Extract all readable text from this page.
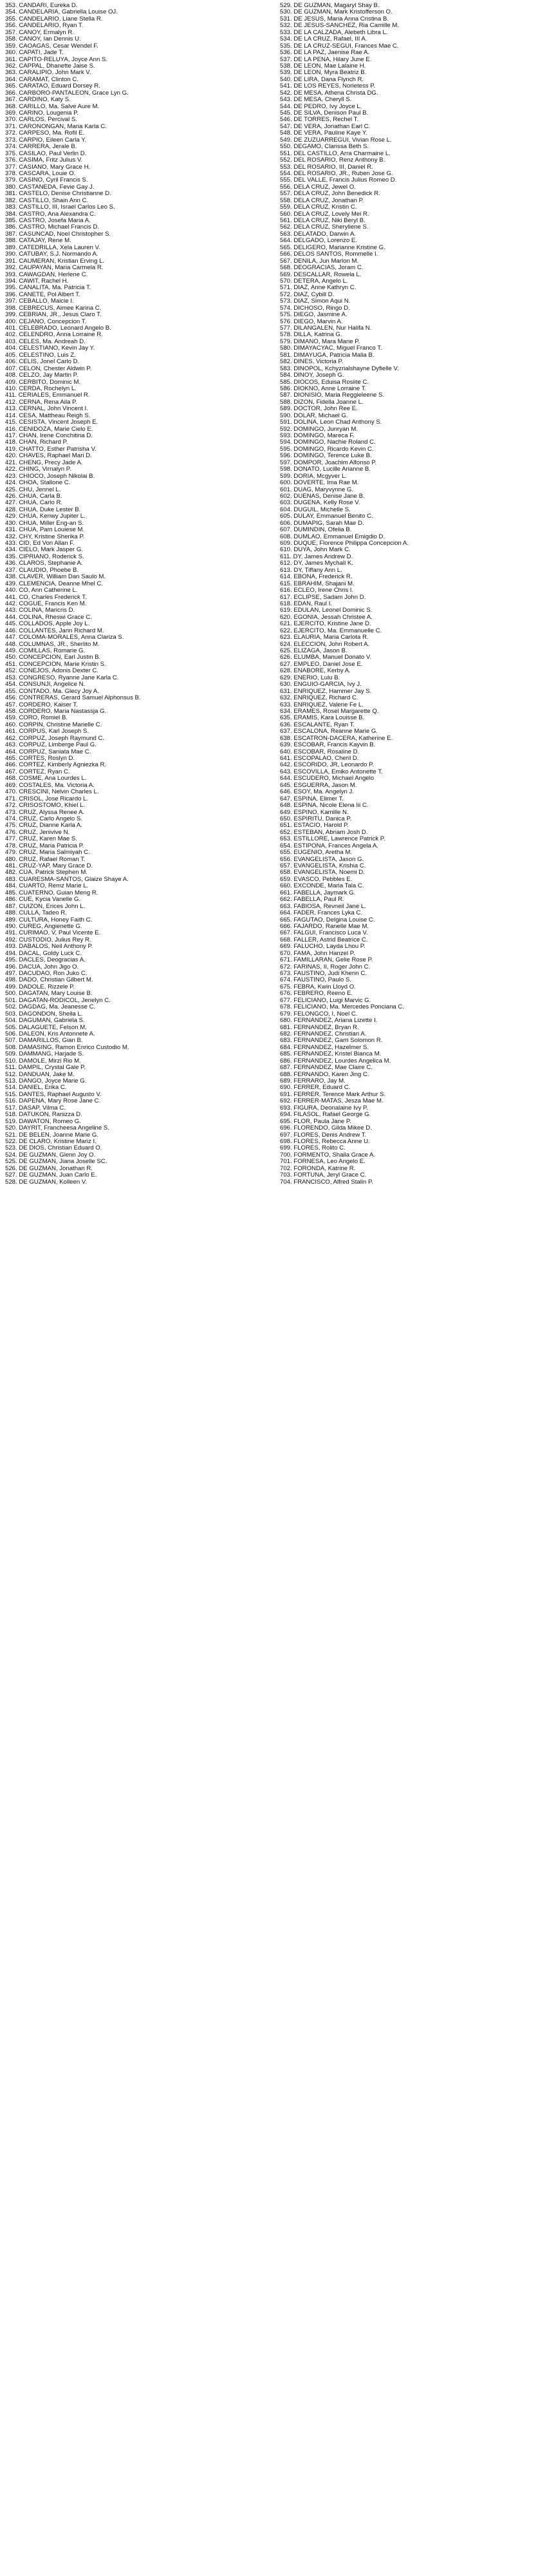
353. CANDARI, Eureka D.
354. CANDELARIA, Gabriella Louise OJ.
355. CANDELARIO, Liane Stella R.
356. CANDELARIO, Ryan T.
357. CANOY, Ermalyn R.
358. CANOY, Ian Dennis U.
359. CAOAGAS, Cesar Wendel F.
360. CAPATI, Jade T.
361. CAPITO-RELUYA, Joyce Ann S.
362. CAPPAL, Dhanette Jaise S.
363. CARALIPIO, John Mark V.
364. CARAMAT, Clinton C.
365. CARATAO, Eduard Dorsey R.
366. CARBORO-PANTALEON, Grace Lyn G.
367. CARDIÑO, Katy S.
368. CARILLO, Ma. Salve Aure M.
369. CARIÑO, Lougenia P.
370. CARLOS, Percival S.
371. CARONONGAN, Maria Karla C.
372. CARPESO, Ma. Rofil E.
373. CARPIO, Eileen Carla Y.
374. CARRERA, Jerale B.
375. CASILAO, Paul Verlin D.
376. CASIMA, Fritz Julius V.
377. CASIANO, Mary Grace H.
378. CASCARA, Louie O.
379. CASIÑO, Cyril Francis S.
380. CASTAÑEDA, Fevie Gay J.
381. CASTELO, Denise Christianne D.
382. CASTILLO, Shain Ann C.
383. CASTILLO, III, Israel Carlos Leo S.
384. CASTRO, Ana Alexandra C.
385. CASTRO, Josefa Maria A.
386. CASTRO, Michael Francis D.
387. CASUNCAD, Noel Christopher S.
388. CATAJAY, Rene M.
389. CATEDRILLA, Xela Lauren V.
390. CATUBAY, S.J. Normando A.
391. CAUMERAN, Kristian Erving L.
392. CAUPAYAN, Maria Carmela R.
393. CAWAGDAN, Herlene C.
394. CAWIT, Rachel H.
395. CAÑALITA, Ma. Patricia T.
396. CAÑETE, Pol Albert T.
397. CEBALLO, Maicie I.
398. CEBRECUS, Aimee Karina C.
399. CEBRIAN, JR., Jesus Claro T.
400. CEJANO, Concepcion T.
401. CELEBRADO, Leonard Angelo B.
402. CELENDRO, Anna Lorraine R.
403. CELES, Ma. Andreah D.
404. CELESTIANO, Kevin Jay Y.
405. CELESTINO, Luis Z.
406. CELIS, Jonel Carlo D.
407. CELON, Chester Aldwin P.
408. CELZO, Jay Martin P.
409. CERBITO, Dominic M.
410. CERDA, Rochelyn L.
411. CERIALES, Emmanuel R.
412. CERNA, Rena Aila P.
413. CERNAL, John Vincent I.
414. CESA, Mattheau Reigh S.
415. CESISTA, Vincent Joseph E.
416. CEÑIDOZA, Marie Cielo E.
417. CHAN, Irene Conchitina D.
418. CHAN, Richard P.
419. CHATTO, Esther Patrisha V.
420. CHAVES, Raphael Mari D.
421. CHENG, Precy Jade A.
422. CHING, Virnalyn P.
423. CHIOCO, Joseph Nikolai B.
424. CHOA, Stallone C.
425. CHU, Jennel L.
426. CHUA, Carla B.
427. CHUA, Carlo R.
428. CHUA, Duke Lester B.
429. CHUA, Kenwy Jupiter L.
430. CHUA, Miller Eng-an S.
431. CHUA, Pam Louiese M.
432. CHY, Kristine Sherika P.
433. CID, Ed Von Allan F.
434. CIELO, Mark Jasper G.
435. CIPRIANO, Roderick S.
436. CLAROS, Stephanie A.
437. CLAUDIO, Phoebe B.
438. CLAVER, William Dan Saulo M.
439. CLEMENCIA, Deanne Mhel C.
440. CO, Ann Catherine L.
441. CO, Charles Frederick T.
442. COGUE, Francis Ken M.
443. COLINA, Maricris D.
444. COLINA, Rheswi Grace C.
445. COLLADOS, Apple Joy L.
446. COLLANTES, Jann Richard M.
447. COLOMA-MORALES, Anna Clariza S.
448. COLUMNAS, JR., Sherlito M.
449. COMILLAS, Romarie G.
450. CONCEPCION, Earl Justin B.
451. CONCEPCION, Marie Kristin S.
452. CONEJOS, Adonis Dexter C.
453. CONGRESO, Ryanne Jane Karla C.
454. CONSUNJI, Angelice N.
455. CONTADO, Ma. Glecy Joy A.
456. CONTRERAS, Gerard Samuel Alphonsus B.
457. CORDERO, Kaiser T.
458. CORDERO, Maria Nastassja G.
459. CORO, Romiel B.
460. CORPIN, Christine Marielle C.
461. CORPUS, Karl Joseph S.
462. CORPUZ, Joseph Raymund C.
463. CORPUZ, Limberge Paul G.
464. CORPUZ, Saniata Mae C.
465. CORTES, Roslyn D.
466. CORTEZ, Kimberly Agniezka R.
467. CORTEZ, Ryan C.
468. COSME, Ana Lourdes L.
469. COSTALES, Ma. Victoria A.
470. CRESCINI, Nelvin Charles L.
471. CRISOL, Jose Ricardo L.
472. CRISOSTOMO, Khiel L.
473. CRUZ, Alyssa Renee A.
474. CRUZ, Carlo Angelo S.
475. CRUZ, Dianne Karla A.
476. CRUZ, Jenivive N.
477. CRUZ, Karen Mae S.
478. CRUZ, Maria Patricia P.
479. CRUZ, Maria Salmiyah C.
480. CRUZ, Rafael Roman T.
481. CRUZ-YAP, Mary Grace D.
482. CUA, Patrick Stephen M.
483. CUARESMA-SANTOS, Glaize Shaye A.
484. CUARTO, Remz Marie L.
485. CUATERNO, Guian Meng R.
486. CUE, Kycia Vanelle G.
487. CUIZON, Erices John L.
488. CULLA, Tadeo R.
489. CULTURA, Honey Faith C.
490. CUREG, Angienette G.
491. CURIMAO, V, Paul Vicente E.
492. CUSTODIO, Julius Rey R.
493. DABALOS, Neil Anthony P.
494. DACAL, Goldy Luck C.
495. DACLES, Deogracias A.
496. DACUA, John Jigo O.
497. DACUDAO, Ron Juko C.
498. DADO, Christian Gilbert M.
499. DADOLE, Rizzele P.
500. DAGATAN, Mary Louise B.
501. DAGATAN-RODICOL, Jenelyn C.
502. DAGDAG, Ma. Jeanesse C.
503. DAGONDON, Sheila L.
504. DAGUMAN, Gabriela S.
505. DALAGUETE, Felson M.
506. DALEON, Kris Antonnete A.
507. DAMARILLOS, Gian B.
508. DAMASING, Ramon Enrico Custodio M.
509. DAMMANG, Harjade S.
510. DAMOLE, Mirzi Rio M.
511. DAMPIL, Crystal Gale P.
512. DANDUAN, Jake M.
513. DANGO, Joyce Marie G.
514. DANIEL, Erika C.
515. DANTES, Raphael Augusto V.
516. DAPENA, Mary Rose Jane C.
517. DASAP, Vilma C.
518. DATUKON, Ranizza D.
519. DAWATON, Romeo G.
520. DAYRIT, Francheesa Angeline S.
521. DE BELEN, Joanne Marie G.
522. DE CLARO, Kristine Mariz I.
523. DE DIOS, Christian Eduard O.
524. DE GUZMAN, Glenn Joy O.
525. DE GUZMAN, Jiana Joselle SC.
526. DE GUZMAN, Jonathan R.
527. DE GUZMAN, Juan Carlo E.
528. DE GUZMAN, Kolleen V.
529. DE GUZMAN, Magaryl Shay B.
530. DE GUZMAN, Mark Kristofferson O.
531. DE JESUS, Maria Anna Cristina B.
532. DE JESUS-SANCHEZ, Ria Camille M.
533. DE LA CALZADA, Alebeth Libra L.
534. DE LA CRUZ, Rafael, III A.
535. DE LA CRUZ-SEGUI, Frances Mae C.
536. DE LA PAZ, Jaenise Rae A.
537. DE LA PEÑA, Hilary June E.
538. DE LEON, Mae Lalaine H.
539. DE LEON, Myra Beatriz B.
540. DE LIRA, Dana Flynch R.
541. DE LOS REYES, Norietess P.
542. DE MESA, Athena Christa DG.
543. DE MESA, Cheryll S.
544. DE PEDRO, Ivy Joyce L.
545. DE SILVA, Denison Paul B.
546. DE TORRES, Rechel T.
547. DE VERA, Jonathan Earl C.
548. DE VERA, Pauline Kaye Y.
549. DE ZUZUARREGUI, Vivian Rose L.
550. DEGAMO, Clarissa Beth S.
551. DEL CASTILLO, Arra Charmaine L.
552. DEL ROSARIO, Renz Anthony B.
553. DEL ROSARIO, III, Daniel R.
554. DEL ROSARIO, JR., Ruben Jose G.
555. DEL VALLE, Francis Julius Romeo D.
556. DELA CRUZ, Jewel O.
557. DELA CRUZ, John Benedick R.
558. DELA CRUZ, Jonathan P.
559. DELA CRUZ, Kristin C.
560. DELA CRUZ, Lovely Mei R.
561. DELA CRUZ, Niki Beryl B.
562. DELA CRUZ, Sheryliene S.
563. DELATADO, Darwin A.
564. DELGADO, Lorenzo E.
565. DELIGERO, Marianne Kristine G.
566. DELOS SANTOS, Rommelle I.
567. DENILA, Jun Marlon M.
568. DEOGRACIAS, Joram C.
569. DESCALLAR, Rowela L.
570. DETERA, Angelo L.
571. DIAZ, Anne Kathryn C.
572. DIAZ, Cybill D.
573. DIAZ, Simon Aqui N.
574. DICHOSO, Ringo D.
575. DIEGO, Jasmine A.
576. DIEGO, Marvin A.
577. DILANGALEN, Nur Halifa N.
578. DILLA, Katrina G.
579. DIMANO, Mara Marie P.
580. DIMAYACYAC, Miguel Franco T.
581. DIMAYUGA, Patricia Malia B.
582. DINES, Victoria P.
583. DINOPOL, Kchyzrialshayne Dyfielle V.
584. DINOY, Joseph G.
585. DIOCOS, Eduisa Rosiite C.
586. DIOKNO, Anne Lorraine T.
587. DIONISIO, Maria Reggieleene S.
588. DIZON, Fidella Joanne L.
589. DOCTOR, John Ree E.
590. DOLAR, Michael G.
591. DOLINA, Leon Chad Anthony S.
592. DOMINGO, Junryan M.
593. DOMINGO, Mareca F.
594. DOMINGO, Nachie Roland C.
595. DOMINGO, Ricardo Kevin C.
596. DOMINGO, Terence Luke B.
597. DOMPOR, Joachim Alfonso P.
598. DONATO, Lucille Arianne B.
599. DORIA, Mcgyver L.
600. DOVERTE, Ima Rae M.
601. DUAG, Maryvynne G.
602. DUEÑAS, Denise Jane B.
603. DUGEÑA, Kelly Rose V.
604. DUGUIL, Michelle S.
605. DULAY, Emmanuel Benito C.
606. DUMAPIG, Sarah Mae D.
607. DUMINDIN, Ofelia B.
608. DUMLAO, Emmanuel Emigdio D.
609. DUQUE, Florence Philippa Concepcion A.
610. DUYA, John Mark C.
611. DY, James Andrew D.
612. DY, James Mychall K.
613. DY, Tiffany Ann L.
614. EBOÑA, Frederick R.
615. EBRAHIM, Shajani M.
616. ECLEO, Irene Chris I.
617. ECLIPSE, Sadam John D.
618. EDAN, Raul I.
619. EDULAN, Leonel Dominic S.
620. EGONIA, Jessah Christee A.
621. EJERCITO, Kristine Jane D.
622. EJERCITO, Ma. Emmanuelle C.
623. ELAURIA, Maria Carlota R.
624. ELECCION, John Robert A.
625. ELIZAGA, Jason B.
626. ELUMBA, Manuel Donato V.
627. EMPLEO, Daniel Jose E.
628. ENABORE, Kerby A.
629. ENERIO, Lulu B.
630. ENGUIO-GARCIA, Ivy J.
631. ENRIQUEZ, Hammer Jay S.
632. ENRIQUEZ, Richard C.
633. ENRIQUEZ, Valerie Fe L.
634. ERAMES, Rosel Margarette Q.
635. ERAMIS, Kara Louisse B.
636. ESCALANTE, Ryan T.
637. ESCALONA, Reanne Marie G.
638. ESCATRON-DACERA, Katherine E.
639. ESCOBAR, Francis Kayvin B.
640. ESCOBAR, Rosaline D.
641. ESCOPALAO, Cheril D.
642. ESCORIDO, JR, Leonardo P.
643. ESCOVILLA, Emiko Antonette T.
644. ESCUDERO, Michael Angelo
645. ESGUERRA, Jason M.
646. ESOY, Ma. Angelyn J.
647. ESPINA, Elimer T.
648. ESPINA, Nicole Elena Iii C.
649. ESPINO, Kamille N.
650. ESPIRITU, Danica P.
651. ESTACIO, Harold P.
652. ESTEBAN, Abriam Josh D.
653. ESTILLORE, Lawrence Patrick P.
654. ESTIPONA, Frances Angela A.
655. EUGENIO, Aretha M.
656. EVANGELISTA, Jason G.
657. EVANGELISTA, Krishia C.
658. EVANGELISTA, Noemi D.
659. EVASCO, Pebbles E.
660. EXCONDE, Maria Tala C.
661. FABELLA, Jaymark G.
662. FABELLA, Paul R.
663. FABIOSA, Revneil Jane L.
664. FADER, Frances Lyka C.
665. FAGUTAO, Delgina Louise C.
666. FAJARDO, Ranelle Mae M.
667. FALGUI, Francisco Luca V.
668. FALLER, Astrid Beatrice C.
669. FALUCHO, Layda Lhou P.
670. FAMA, John Hanzel P.
671. FAMILLARAN, Gelie Rose P.
672. FARIÑAS, II, Roger John C.
673. FAUSTINO, Judi Khenn C.
674. FAUSTINO, Paulo S.
675. FEBRA, Kwin Lloyd O.
676. FEBRERO, Reeno E.
677. FELICIANO, Luigi Marvic G.
678. FELICIANO, Ma. Mercedes Ponciana C.
679. FELONGCO, I, Noel C.
680. FERNANDEZ, Ariana Lizette I.
681. FERNANDEZ, Bryan R.
682. FERNANDEZ, Christian A.
683. FERNANDEZ, Garri Solomon R.
684. FERNANDEZ, Hazelmer S.
685. FERNANDEZ, Kristel Bianca M.
686. FERNANDEZ, Lourdes Angelica M.
687. FERNANDEZ, Mae Claire C.
688. FERNANDO, Karen Jing C.
689. FERRARO, Jay M.
690. FERRER, Eduard C.
691. FERRER, Terence Mark Arthur S.
692. FERRER-MATAS, Jesza Mae M.
693. FIGURA, Deonalaine Ivy P.
694. FILASOL, Rafael George G.
695. FLOR, Paula Jane P.
696. FLORENDO, Gilda Mikee D.
697. FLORES, Denis Andrew T.
698. FLORES, Rebecca Anne U.
699. FLORES, Rolito C.
700. FORMENTO, Shaila Grace A.
701. FORNESA, Leo Angelo E.
702. FORONDA, Katrine R.
703. FORTUNA, Jeryl Grace C.
704. FRANCISCO, Alfred Stalin P.
